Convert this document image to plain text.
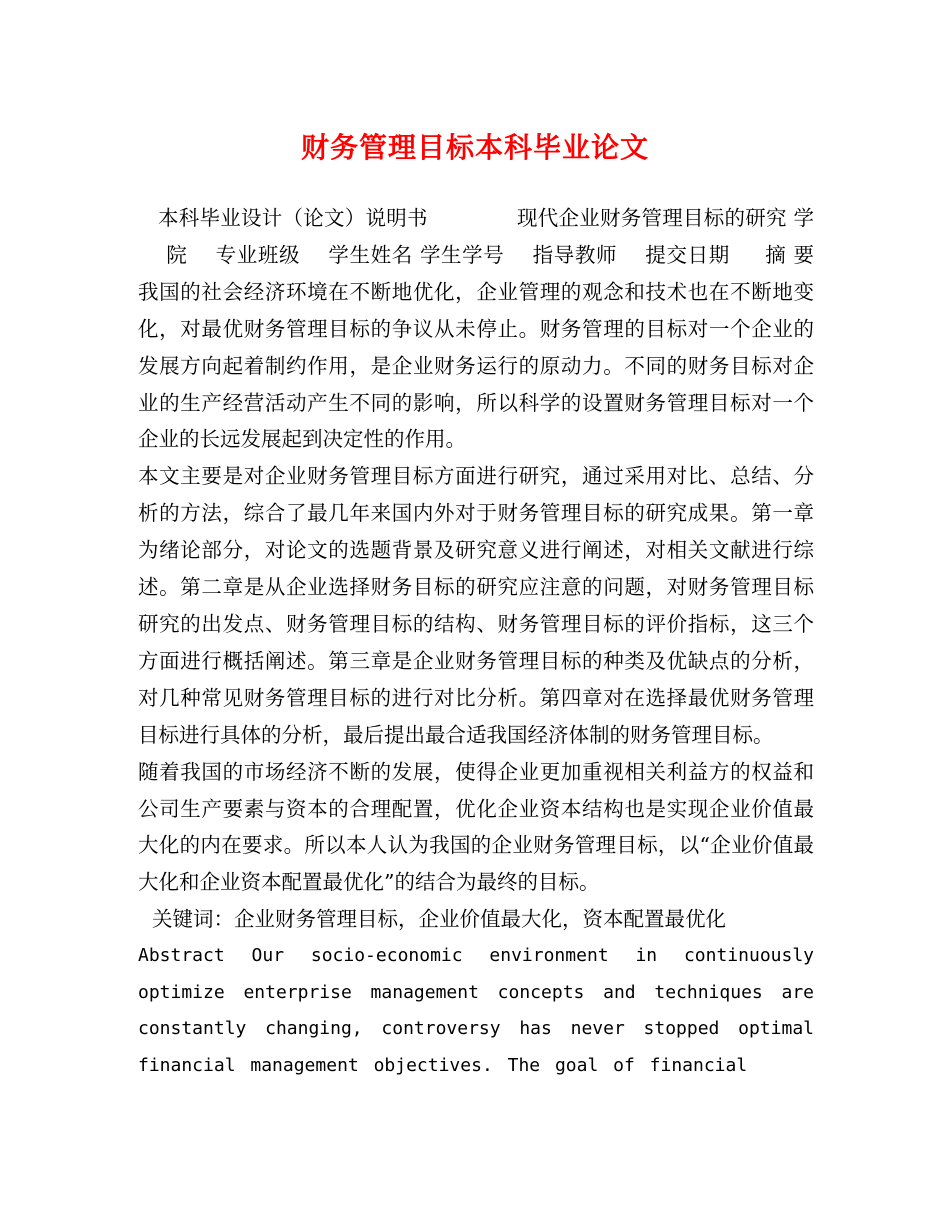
财务管理目标本科毕业论文

本科毕业设计（论文）说明书 　 　 　 现代企业财务管理目标的研究 学 　 院 　专业班级 　学生姓名 学生学号 　指导教师 　提交日期 　 摘 要 我国的社会经济环境在不断地优化，企业管理的观念和技术也在不断地变化，对最优财务管理目标的争议从未停止。财务管理的目标对一个企业的发展方向起着制约作用，是企业财务运行的原动力。不同的财务目标对企业的生产经营活动产生不同的影响，所以科学的设置财务管理目标对一个企业的长远发展起到决定性的作用。

本文主要是对企业财务管理目标方面进行研究，通过采用对比、总结、分析的方法，综合了最几年来国内外对于财务管理目标的研究成果。第一章为绪论部分，对论文的选题背景及研究意义进行阐述，对相关文献进行综述。第二章是从企业选择财务目标的研究应注意的问题，对财务管理目标研究的出发点、财务管理目标的结构、财务管理目标的评价指标，这三个方面进行概括阐述。第三章是企业财务管理目标的种类及优缺点的分析，对几种常见财务管理目标的进行对比分析。第四章对在选择最优财务管理目标进行具体的分析，最后提出最合适我国经济体制的财务管理目标。

随着我国的市场经济不断的发展，使得企业更加重视相关利益方的权益和公司生产要素与资本的合理配置，优化企业资本结构也是实现企业价值最大化的内在要求。所以本人认为我国的企业财务管理目标，以“企业价值最大化和企业资本配置最优化”的结合为最终的目标。

关键词：企业财务管理目标，企业价值最大化，资本配置最优化

Abstract Our socio-economic environment in continuously optimize enterprise management concepts and techniques are constantly changing, controversy has never stopped optimal financial management objectives. The goal of financial
